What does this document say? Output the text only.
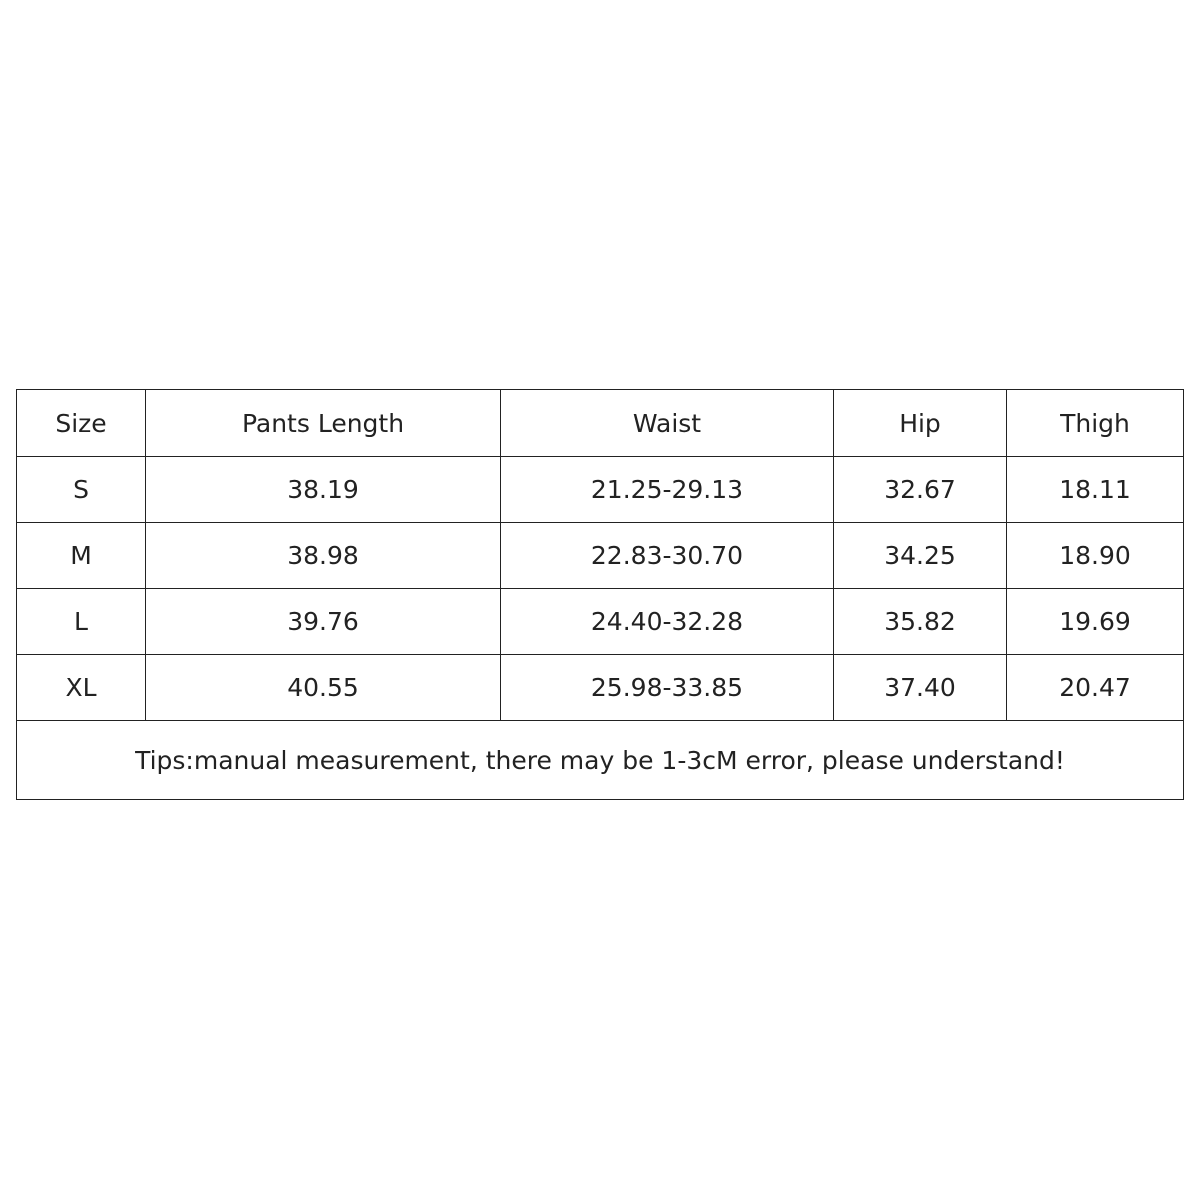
Size	Pants Length	Waist	Hip	Thigh
S	38.19	21.25-29.13	32.67	18.11
M	38.98	22.83-30.70	34.25	18.90
L	39.76	24.40-32.28	35.82	19.69
XL	40.55	25.98-33.85	37.40	20.47
Tips:manual measurement, there may be 1-3cM error, please understand!				
